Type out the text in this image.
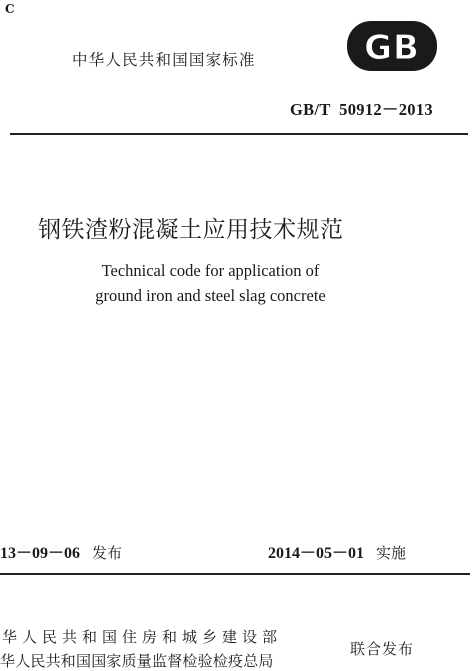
C
中华人民共和国国家标准	GB
GB/T  50912－2013
钢铁渣粉混凝土应用技术规范
Technical code for application of
ground iron and steel slag concrete
13－09－06 发布	2014－05－01 实施
华人民共和国住房和城乡建设部
华人民共和国国家质量监督检验检疫总局
联合发布
